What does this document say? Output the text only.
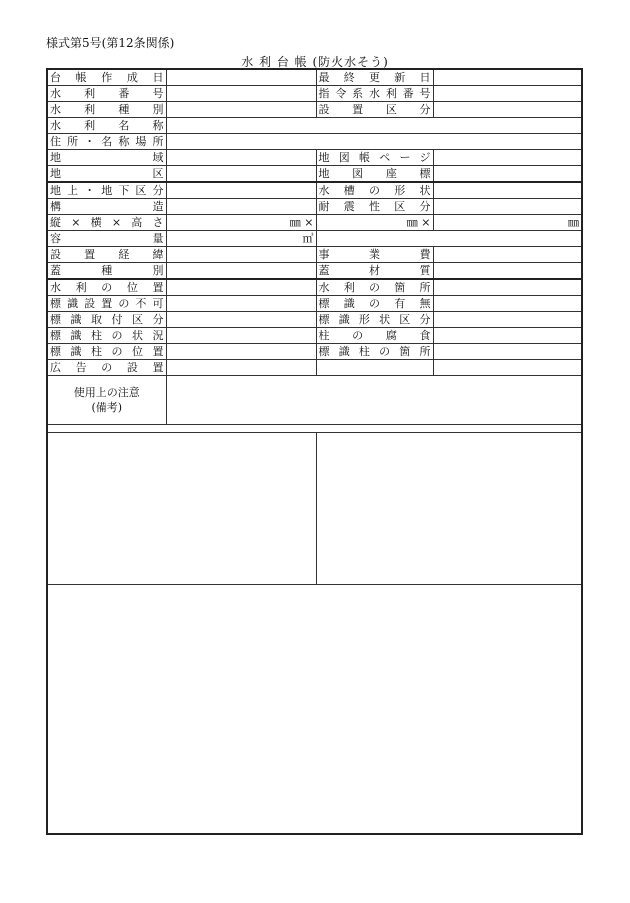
様式第5号(第12条関係)
水 利 台 帳 (防火水そう)
台帳作成日		最終更新日	
水利番号		指令系水利番号	
水利種別		設置区分	
水利名称			
住所・名称場所			
地域		地図帳ページ	
地区		地図座標	
地上・地下区分		水槽の形状	
構造		耐震性区分	
縦×横×高さ	㎜ ×	㎜ ×	㎜
容量	㎥		
設置経緯		事業費	
蓋種別		蓋材質	
水利の位置		水利の箇所	
標識設置の不可		標識の有無	
標識取付区分		標識形状区分	
標識柱の状況		柱の腐食	
標識柱の位置		標識柱の箇所	
広告の設置			
使用上の注意
(備考)			
